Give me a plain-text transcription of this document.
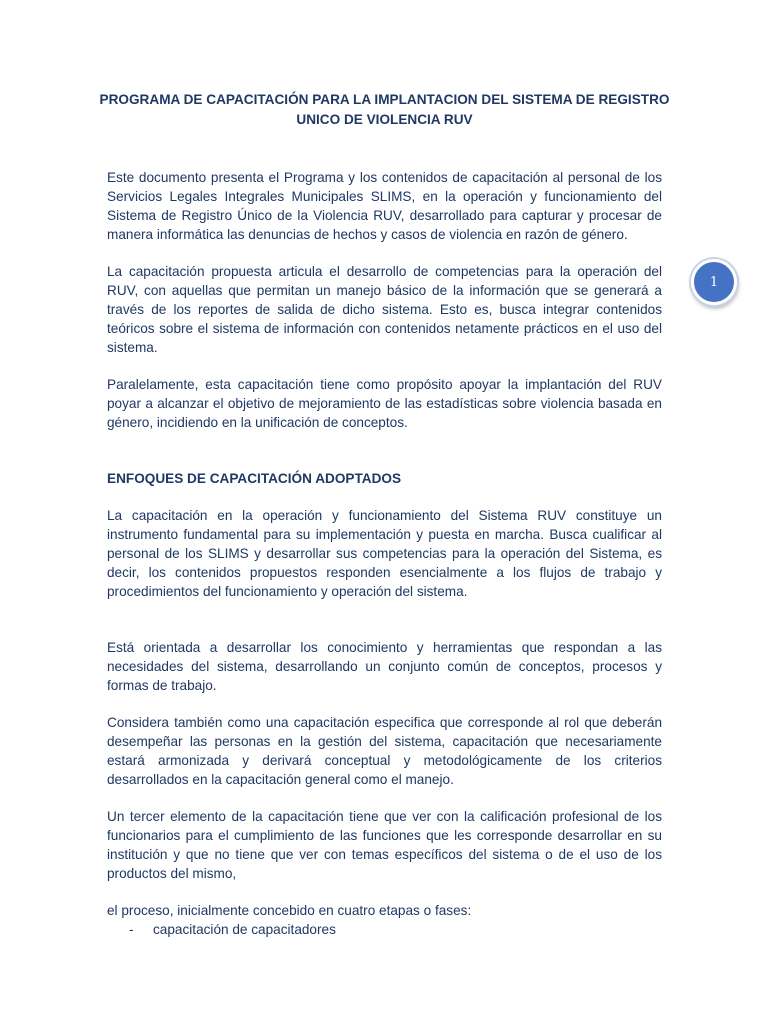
PROGRAMA DE CAPACITACIÓN PARA LA IMPLANTACION DEL SISTEMA DE REGISTRO
UNICO DE VIOLENCIA RUV

Este documento presenta el Programa y los contenidos de capacitación al personal de los Servicios Legales Integrales Municipales SLIMS, en la operación y funcionamiento del Sistema de Registro Único de la Violencia RUV, desarrollado para capturar y procesar de manera informática las denuncias de hechos y casos de violencia en razón de género.

La capacitación propuesta articula el desarrollo de competencias para la operación del RUV, con aquellas que permitan un manejo básico de la información que se generará a través de los reportes de salida de dicho sistema. Esto es, busca integrar contenidos teóricos sobre el sistema de información con contenidos netamente prácticos en el uso del sistema.

Paralelamente, esta capacitación tiene como propósito apoyar la implantación del RUV poyar a alcanzar el objetivo de mejoramiento de las estadísticas sobre violencia basada en género, incidiendo en la unificación de conceptos.

ENFOQUES DE CAPACITACIÓN ADOPTADOS

La capacitación en la operación y funcionamiento del Sistema RUV constituye un instrumento fundamental para su implementación y puesta en marcha. Busca cualificar al personal de los SLIMS y desarrollar sus competencias para la operación del Sistema, es decir, los contenidos propuestos responden esencialmente a los flujos de trabajo y procedimientos del funcionamiento y operación del sistema.

Está orientada a desarrollar los conocimiento y herramientas que respondan a las necesidades del sistema, desarrollando un conjunto común de conceptos, procesos y formas de trabajo.

Considera también como una capacitación especifica que corresponde al rol que deberán desempeñar las personas en la gestión del sistema, capacitación que necesariamente estará armonizada y derivará conceptual y metodológicamente de los criterios desarrollados en la capacitación general como el manejo.

Un tercer elemento de la capacitación tiene que ver con la calificación profesional de los funcionarios para el cumplimiento de las funciones que les corresponde desarrollar en su institución y que no tiene que ver con temas específicos del sistema o de el uso de los productos del mismo,

el proceso, inicialmente concebido en cuatro etapas o fases:

-	capacitación de capacitadores
1
